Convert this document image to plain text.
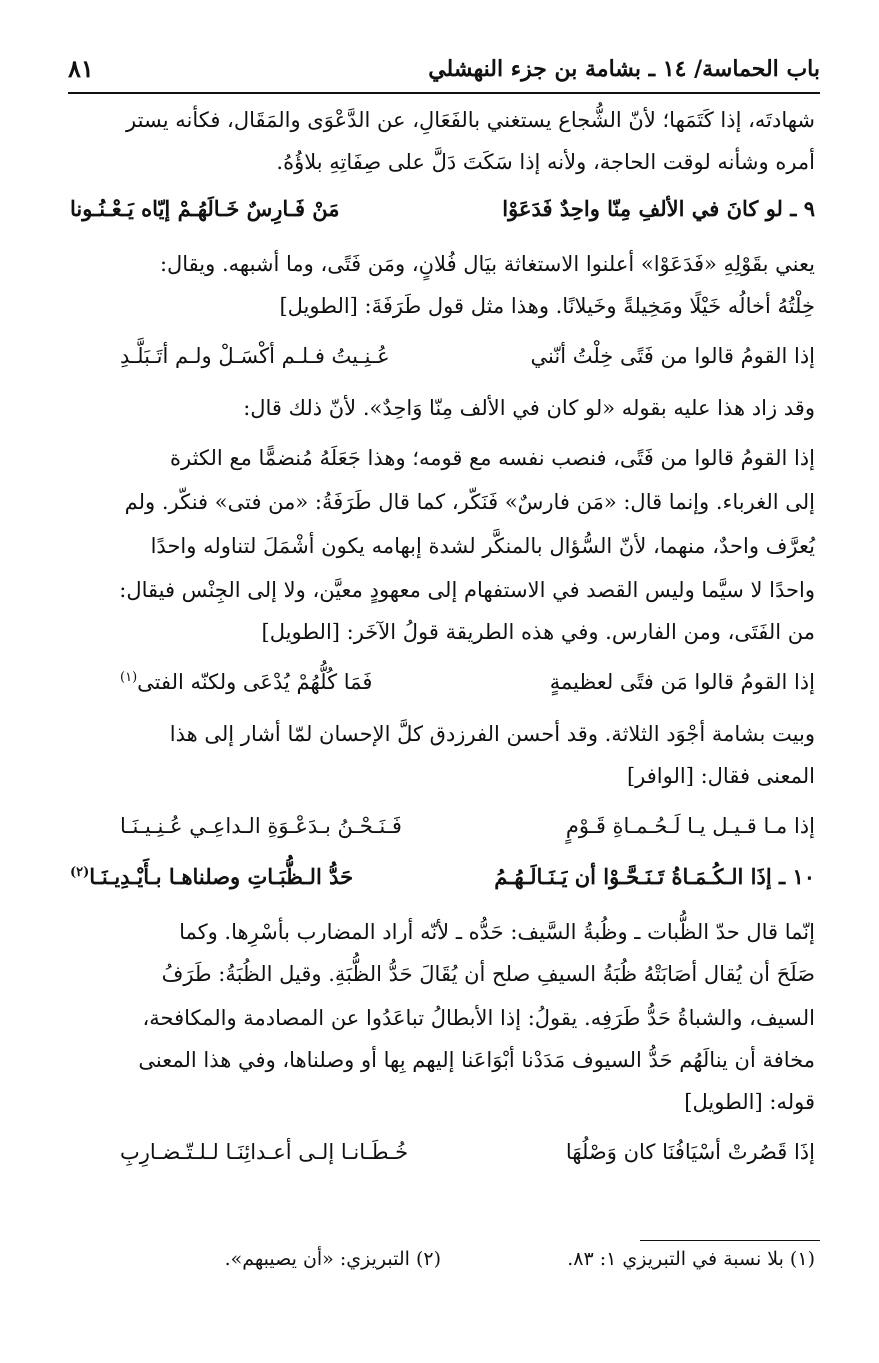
باب الحماسة/ ١٤ ـ بشامة بن جزء النهشلي
٨١
شهادتَه، إذا كَتَمَها؛ لأنّ الشُّجاع يستغني بالفَعَالِ، عن الدَّعْوَى والمَقَال، فكأنه يستر
أمره وشأنه لوقت الحاجة، ولأنه إذا سَكَتَ دَلَّ على صِفَاتِهِ بلاؤُهُ.
٩ ـ لو كانَ في الألفِ مِنّا واحِدٌ فَدَعَوْا
مَنْ فَـارِسٌ خَـالَهُـمْ إيّاه يَـعْـنُـونا
يعني بقَوْلِهِ «فَدَعَوْا» أعلنوا الاستغاثة بيَال فُلانٍ، ومَن فَتًى، وما أشبهه. ويقال:
خِلْتُهُ أخالُه خَيْلًا ومَخِيلةً وخَيلانًا. وهذا مثل قول طَرَفَةَ: [الطويل]
إذا القومُ قالوا من فَتًى خِلْتُ أنّني
عُـنِـيتُ فـلـم أكْسَـلْ ولـم أتَـبَلَّـدِ
وقد زاد هذا عليه بقوله «لو كان في الألف مِنّا وَاحِدٌ». لأنّ ذلك قال:
إذا القومُ قالوا من فَتًى، فنصب نفسه مع قومه؛ وهذا جَعَلَهُ مُنضمًّا مع الكثرة
إلى الغرباء. وإنما قال: «مَن فارسٌ» فَنَكّر، كما قال طَرَفَةُ: «من فتى» فنكّر. ولم
يُعرَّف واحدٌ، منهما، لأنّ السُّؤال بالمنكَّر لشدة إبهامه يكون أشْمَلَ لتناوله واحدًا
واحدًا لا سيَّما وليس القصد في الاستفهام إلى معهودٍ معيَّن، ولا إلى الجِنْس فيقال:
من الفَتَى، ومن الفارس. وفي هذه الطريقة قولُ الآخَر: [الطويل]
إذا القومُ قالوا مَن فتًى لعظيمةٍ
فَمَا كُلُّهُمْ يُدْعَى ولكنّه الفتى$^{(١)}$
وبيت بشامة أجْوَد الثلاثة. وقد أحسن الفرزدق كلَّ الإحسان لمّا أشار إلى هذا
المعنى فقال: [الوافر]
إذا مـا قـيـل يـا لَـحُـمـاةِ قَـوْمٍ
فَـنَـحْـنُ بـدَعْـوَةِ الـداعِـي عُـنِـيـنَـا
١٠ ـ إذَا الـكُـمَـاةُ تَـنَـحَّـوْا أن يَـنَـالَـهُـمُ
حَدُّ الـظُّبَـاتِ وصلناهـا بـأَيْـدِيـنَـا$^{(٢)}$
إنّما قال حدّ الظُّبات ـ وظُبةُ السَّيف: حَدُّه ـ لأنّه أراد المضارب بأسْرِها. وكما
صَلَحَ أن يُقال أصَابَتْهُ ظُبَةُ السيفِ صلح أن يُقَالَ حَدُّ الظُّبَةِ. وقيل الظُبَةُ: طَرَفُ
السيف، والشباةُ حَدُّ طَرَفِه. يقولُ: إذا الأبطالُ تباعَدُوا عن المصادمة والمكافحة،
مخافة أن ينالَهُم حَدُّ السيوف مَدَدْنا أبْوَاعَنا إليهم بِها أو وصلناها، وفي هذا المعنى
قوله: [الطويل]
إذَا قَصُرتْ أسْيَافُنَا كان وَصْلُهَا
خُـطَـانـا إلـى أعـدائِنَـا لـلـتّـضـارِبِ
(١) بلا نسبة في التبريزي ١: ٨٣.
(٢) التبريزي: «أن يصيبهم».
